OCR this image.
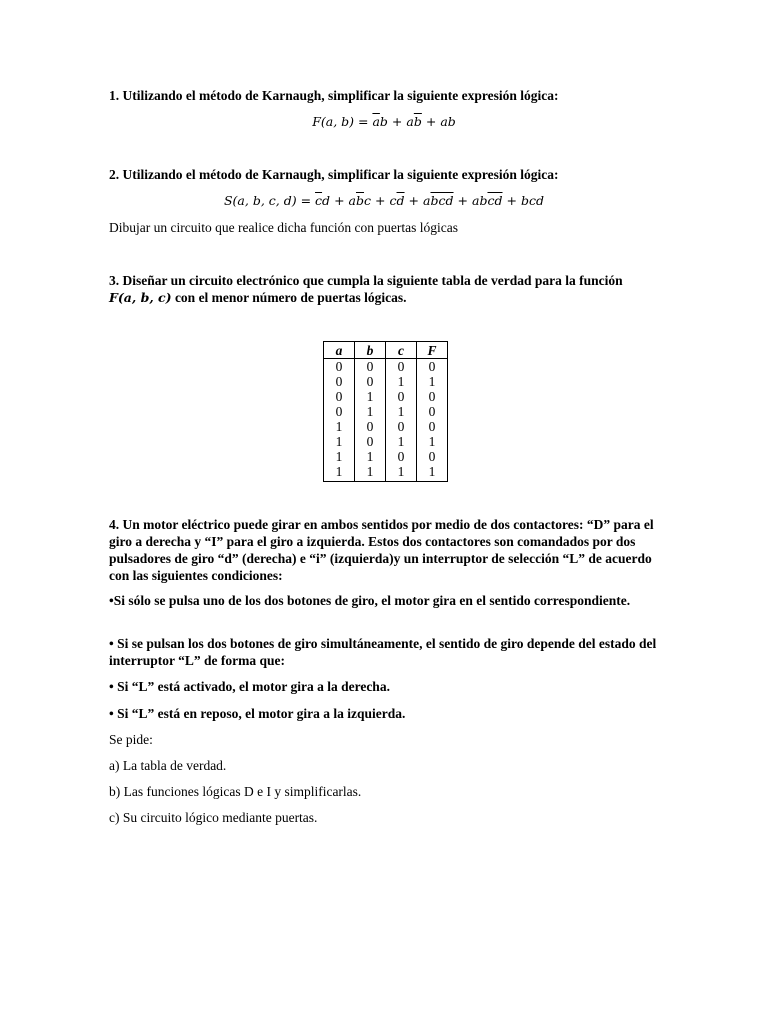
1. Utilizando el método de Karnaugh, simplificar la siguiente expresión lógica:

F(a, $b) = \overline{a}b + a\overline{b}$ + ab

2. Utilizando el método de Karnaugh, simplificar la siguiente expresión lógica:

S(a, b, c, $d) = \overline{c}d + a\overline{b}c + c\overline{d} + a\overline{b}\overline{c}\overline{d} + ab\overline{c}\overline{d}$ + bcd

Dibujar un circuito que realice dicha función con puertas lógicas

3. Diseñar un circuito electrónico que cumpla la siguiente tabla de verdad para la función
F(a, b, c) con el menor número de puertas lógicas.

a	b	c	F
0	0	0	0
0	0	1	1
0	1	0	0
0	1	1	0
1	0	0	0
1	0	1	1
1	1	0	0
1	1	1	1

4. Un motor eléctrico puede girar en ambos sentidos por medio de dos contactores: “D” para el giro a derecha y “I” para el giro a izquierda. Estos dos contactores son comandados por dos pulsadores de giro “d” (derecha) e “i” (izquierda)y un interruptor de selección “L” de acuerdo con las siguientes condiciones:

•Si sólo se pulsa uno de los dos botones de giro, el motor gira en el sentido correspondiente.

• Si se pulsan los dos botones de giro simultáneamente, el sentido de giro depende del estado del interruptor “L” de forma que:

• Si “L” está activado, el motor gira a la derecha.

• Si “L” está en reposo, el motor gira a la izquierda.

Se pide:

a) La tabla de verdad.

b) Las funciones lógicas D e I y simplificarlas.

c) Su circuito lógico mediante puertas.
